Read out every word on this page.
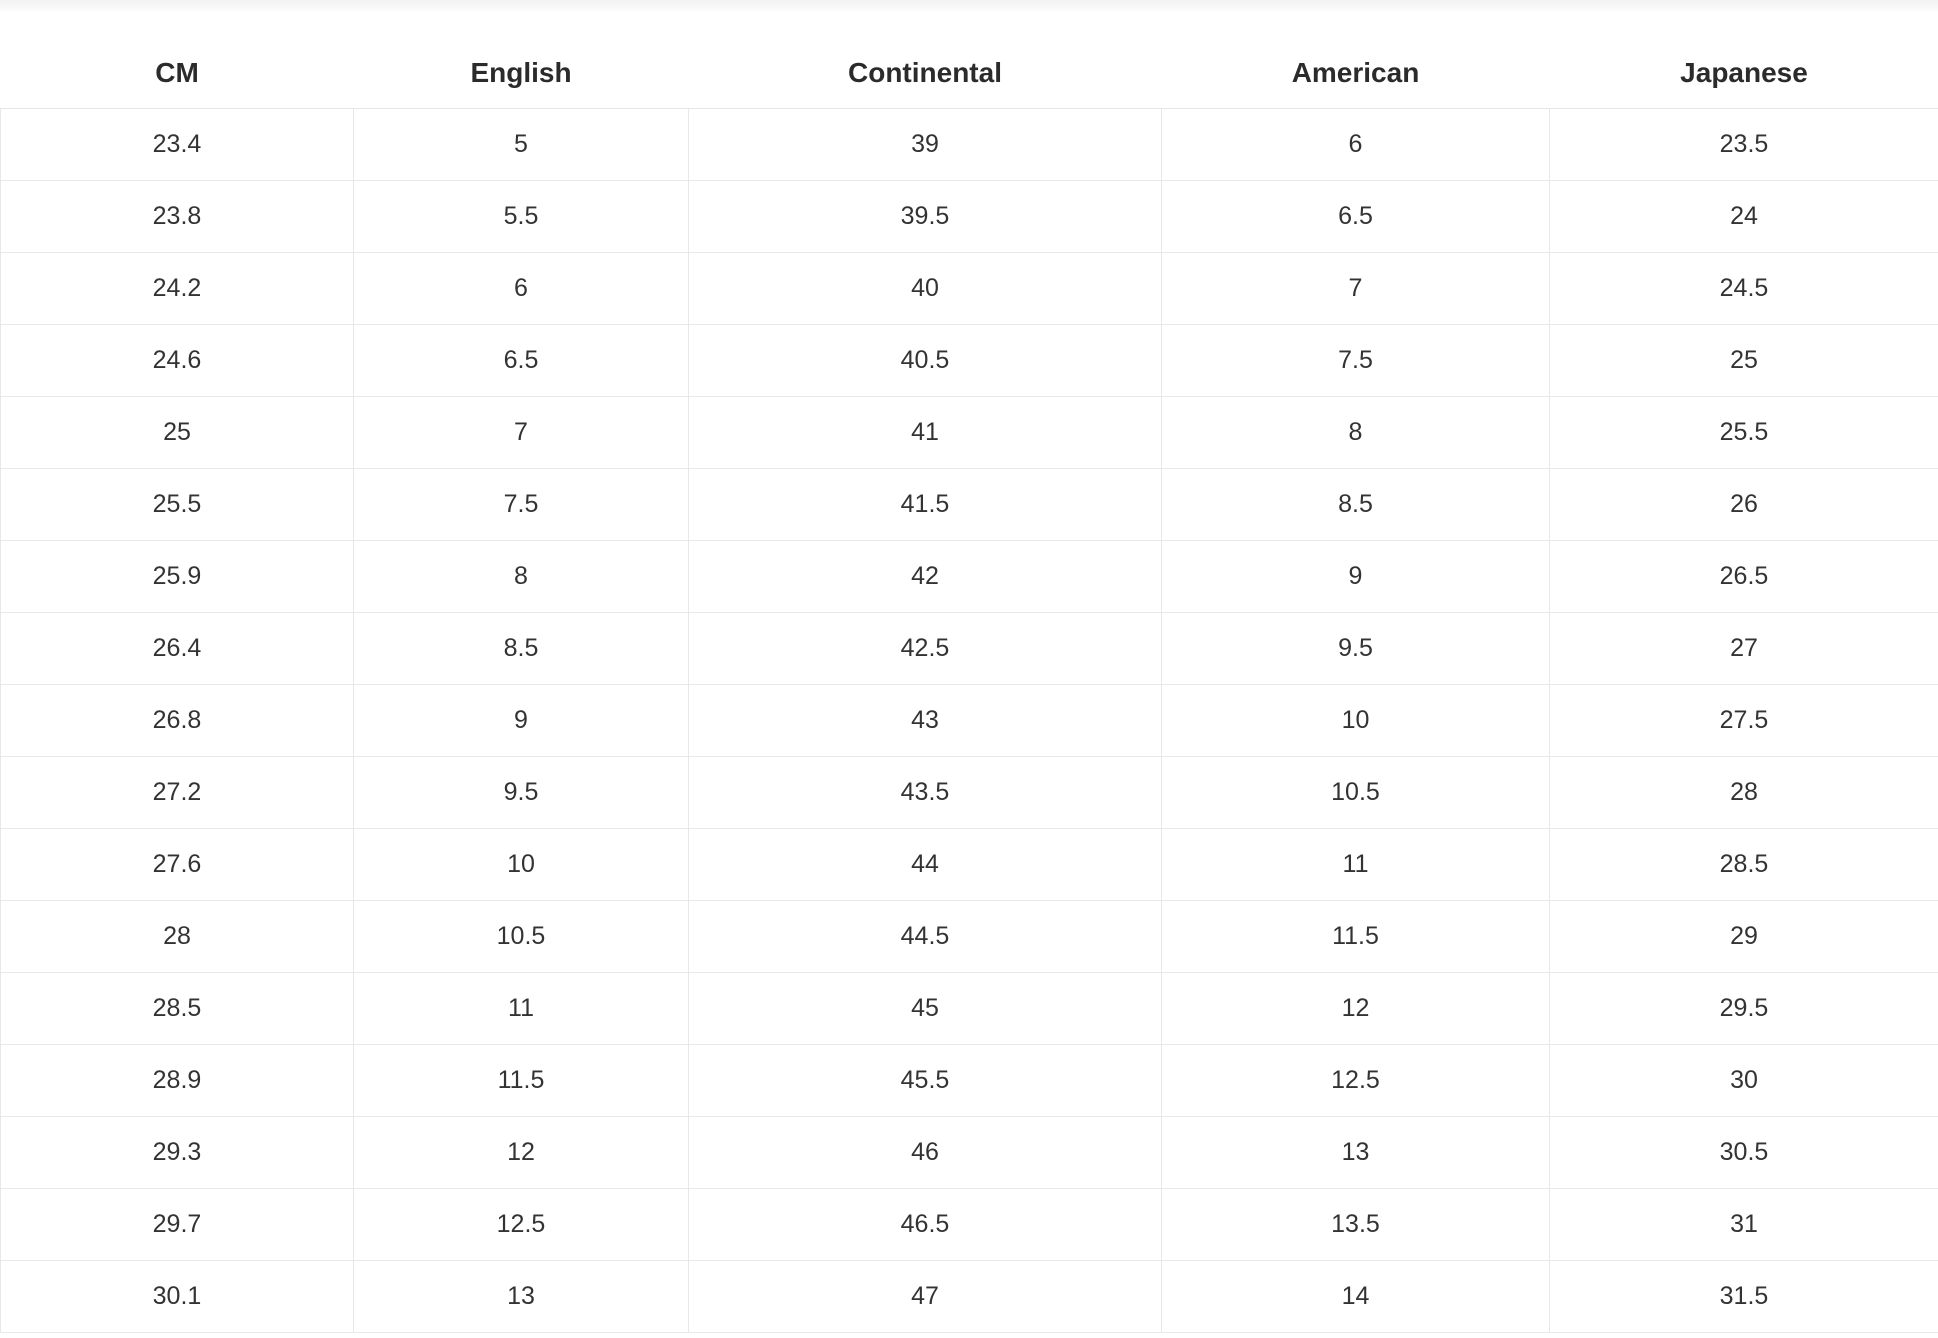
CM	English	Continental	American	Japanese
23.4	5	39	6	23.5
23.8	5.5	39.5	6.5	24
24.2	6	40	7	24.5
24.6	6.5	40.5	7.5	25
25	7	41	8	25.5
25.5	7.5	41.5	8.5	26
25.9	8	42	9	26.5
26.4	8.5	42.5	9.5	27
26.8	9	43	10	27.5
27.2	9.5	43.5	10.5	28
27.6	10	44	11	28.5
28	10.5	44.5	11.5	29
28.5	11	45	12	29.5
28.9	11.5	45.5	12.5	30
29.3	12	46	13	30.5
29.7	12.5	46.5	13.5	31
30.1	13	47	14	31.5
